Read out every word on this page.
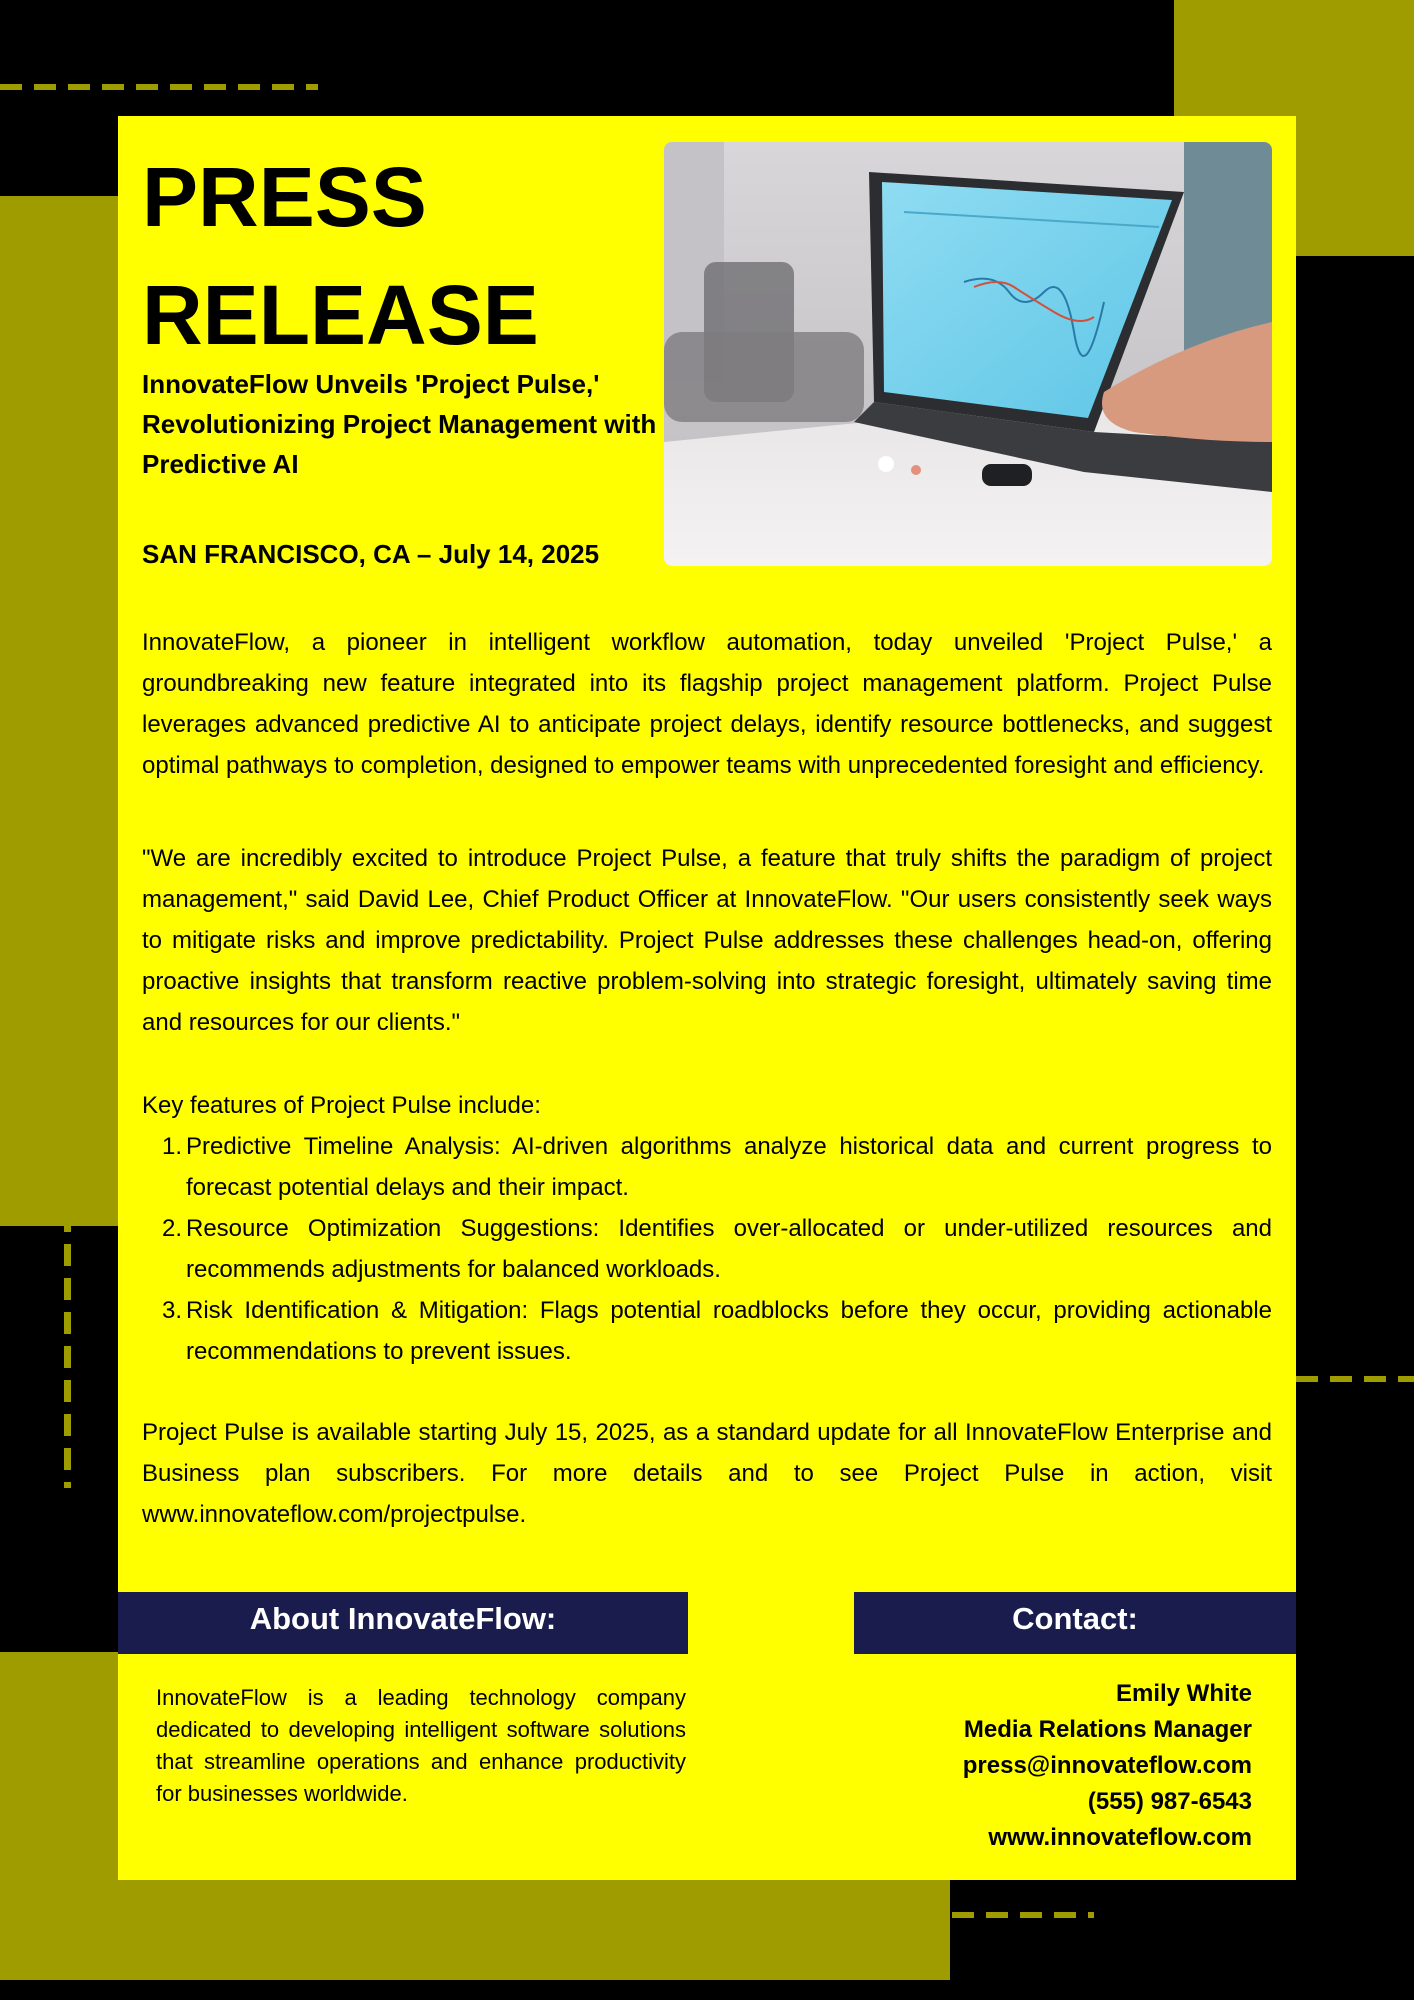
PRESS
RELEASE
InnovateFlow Unveils 'Project Pulse,' Revolutionizing Project Management with Predictive AI
SAN FRANCISCO, CA – July 14, 2025

InnovateFlow, a pioneer in intelligent workflow automation, today unveiled 'Project Pulse,' a groundbreaking new feature integrated into its flagship project management platform. Project Pulse leverages advanced predictive AI to anticipate project delays, identify resource bottlenecks, and suggest optimal pathways to completion, designed to empower teams with unprecedented foresight and efficiency.

"We are incredibly excited to introduce Project Pulse, a feature that truly shifts the paradigm of project management," said David Lee, Chief Product Officer at InnovateFlow. "Our users consistently seek ways to mitigate risks and improve predictability. Project Pulse addresses these challenges head-on, offering proactive insights that transform reactive problem-solving into strategic foresight, ultimately saving time and resources for our clients."

Key features of Project Pulse include:

1. Predictive Timeline Analysis: AI-driven algorithms analyze historical data and current progress to forecast potential delays and their impact.
2. Resource Optimization Suggestions: Identifies over-allocated or under-utilized resources and recommends adjustments for balanced workloads.
3. Risk Identification & Mitigation: Flags potential roadblocks before they occur, providing actionable recommendations to prevent issues.

Project Pulse is available starting July 15, 2025, as a standard update for all InnovateFlow Enterprise and Business plan subscribers. For more details and to see Project Pulse in action, visit www.innovateflow.com/projectpulse.

About InnovateFlow:	Contact:
InnovateFlow is a leading technology company dedicated to developing intelligent software solutions that streamline operations and enhance productivity for businesses worldwide.
Emily White
Media Relations Manager
press@innovateflow.com
(555) 987-6543
www.innovateflow.com
